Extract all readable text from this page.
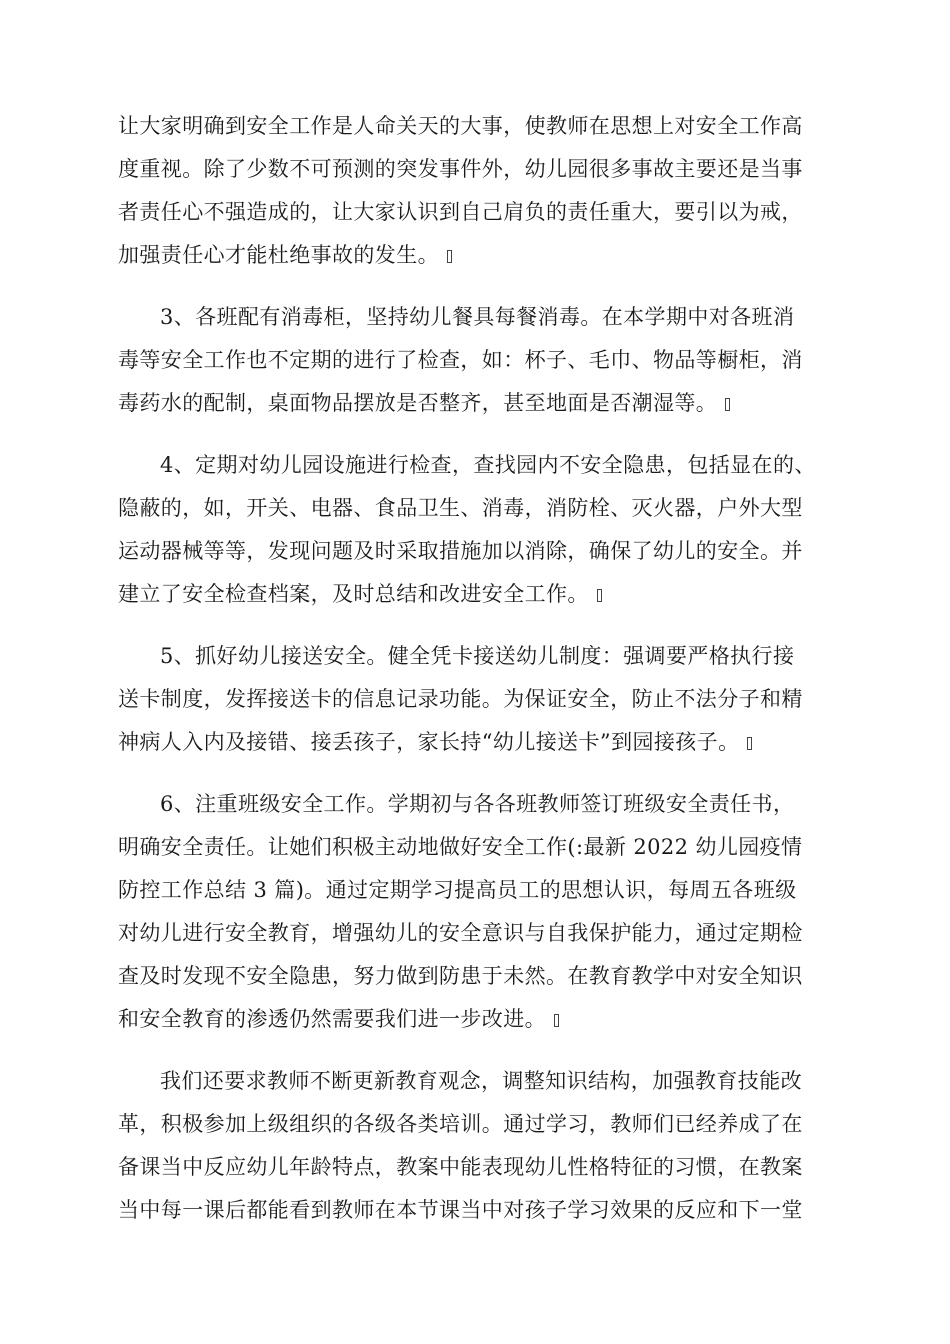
让大家明确到安全工作是人命关天的大事，使教师在思想上对安全工作高
度重视。除了少数不可预测的突发事件外，幼儿园很多事故主要还是当事
者责任心不强造成的，让大家认识到自己肩负的责任重大，要引以为戒，
加强责任心才能杜绝事故的发生。
3、各班配有消毒柜，坚持幼儿餐具每餐消毒。在本学期中对各班消
毒等安全工作也不定期的进行了检查，如：杯子、毛巾、物品等橱柜，消
毒药水的配制，桌面物品摆放是否整齐，甚至地面是否潮湿等。
4、定期对幼儿园设施进行检查，查找园内不安全隐患，包括显在的、
隐蔽的，如，开关、电器、食品卫生、消毒，消防栓、灭火器，户外大型
运动器械等等，发现问题及时采取措施加以消除，确保了幼儿的安全。并
建立了安全检查档案，及时总结和改进安全工作。
5、抓好幼儿接送安全。健全凭卡接送幼儿制度：强调要严格执行接
送卡制度，发挥接送卡的信息记录功能。为保证安全，防止不法分子和精
神病人入内及接错、接丢孩子，家长持“幼儿接送卡”到园接孩子。
6、注重班级安全工作。学期初与各各班教师签订班级安全责任书，
明确安全责任。让她们积极主动地做好安全工作(:最新 2022 幼儿园疫情
防控工作总结 3 篇)。通过定期学习提高员工的思想认识，每周五各班级
对幼儿进行安全教育，增强幼儿的安全意识与自我保护能力，通过定期检
查及时发现不安全隐患，努力做到防患于未然。在教育教学中对安全知识
和安全教育的渗透仍然需要我们进一步改进。
我们还要求教师不断更新教育观念，调整知识结构，加强教育技能改
革，积极参加上级组织的各级各类培训。通过学习，教师们已经养成了在
备课当中反应幼儿年龄特点，教案中能表现幼儿性格特征的习惯，在教案
当中每一课后都能看到教师在本节课当中对孩子学习效果的反应和下一堂
